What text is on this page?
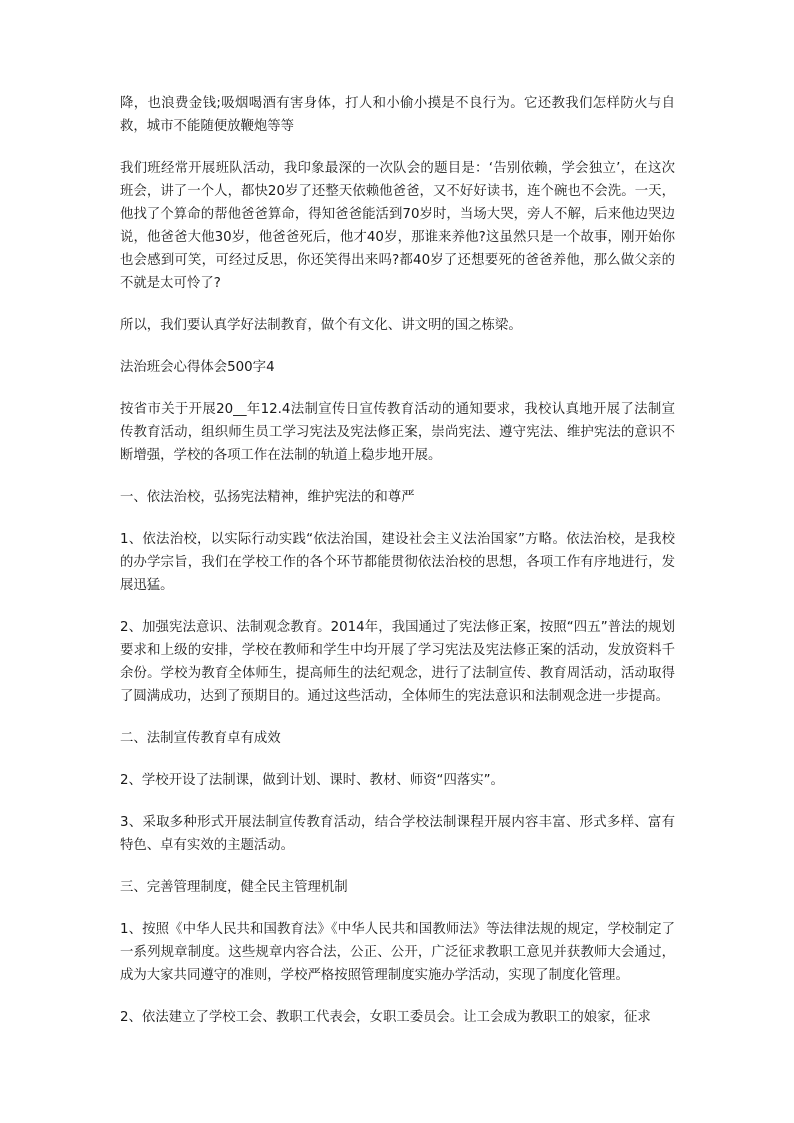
降，也浪费金钱;吸烟喝酒有害身体，打人和小偷小摸是不良行为。它还教我们怎样防火与自救，城市不能随便放鞭炮等等

我们班经常开展班队活动，我印象最深的一次队会的题目是：‘告别依赖，学会独立’，在这次班会，讲了一个人，都快20岁了还整天依赖他爸爸，又不好好读书，连个碗也不会洗。一天，他找了个算命的帮他爸爸算命，得知爸爸能活到70岁时，当场大哭，旁人不解，后来他边哭边说，他爸爸大他30岁，他爸爸死后，他才40岁，那谁来养他?这虽然只是一个故事，刚开始你也会感到可笑，可经过反思，你还笑得出来吗?都40岁了还想要死的爸爸养他，那么做父亲的不就是太可怜了?

所以，我们要认真学好法制教育，做个有文化、讲文明的国之栋梁。

法治班会心得体会500字4

按省市关于开展20__年12.4法制宣传日宣传教育活动的通知要求，我校认真地开展了法制宣传教育活动，组织师生员工学习宪法及宪法修正案，崇尚宪法、遵守宪法、维护宪法的意识不断增强，学校的各项工作在法制的轨道上稳步地开展。

一、依法治校，弘扬宪法精神，维护宪法的和尊严

1、依法治校，以实际行动实践“依法治国，建设社会主义法治国家”方略。依法治校，是我校的办学宗旨，我们在学校工作的各个环节都能贯彻依法治校的思想，各项工作有序地进行，发展迅猛。

2、加强宪法意识、法制观念教育。2014年，我国通过了宪法修正案，按照“四五”普法的规划要求和上级的安排，学校在教师和学生中均开展了学习宪法及宪法修正案的活动，发放资料千余份。学校为教育全体师生，提高师生的法纪观念，进行了法制宣传、教育周活动，活动取得了圆满成功，达到了预期目的。通过这些活动，全体师生的宪法意识和法制观念进一步提高。

二、法制宣传教育卓有成效

2、学校开设了法制课，做到计划、课时、教材、师资“四落实”。

3、采取多种形式开展法制宣传教育活动，结合学校法制课程开展内容丰富、形式多样、富有特色、卓有实效的主题活动。

三、完善管理制度，健全民主管理机制

1、按照《中华人民共和国教育法》《中华人民共和国教师法》等法律法规的规定，学校制定了一系列规章制度。这些规章内容合法，公正、公开，广泛征求教职工意见并获教师大会通过，成为大家共同遵守的准则，学校严格按照管理制度实施办学活动，实现了制度化管理。

2、依法建立了学校工会、教职工代表会，女职工委员会。让工会成为教职工的娘家，征求
